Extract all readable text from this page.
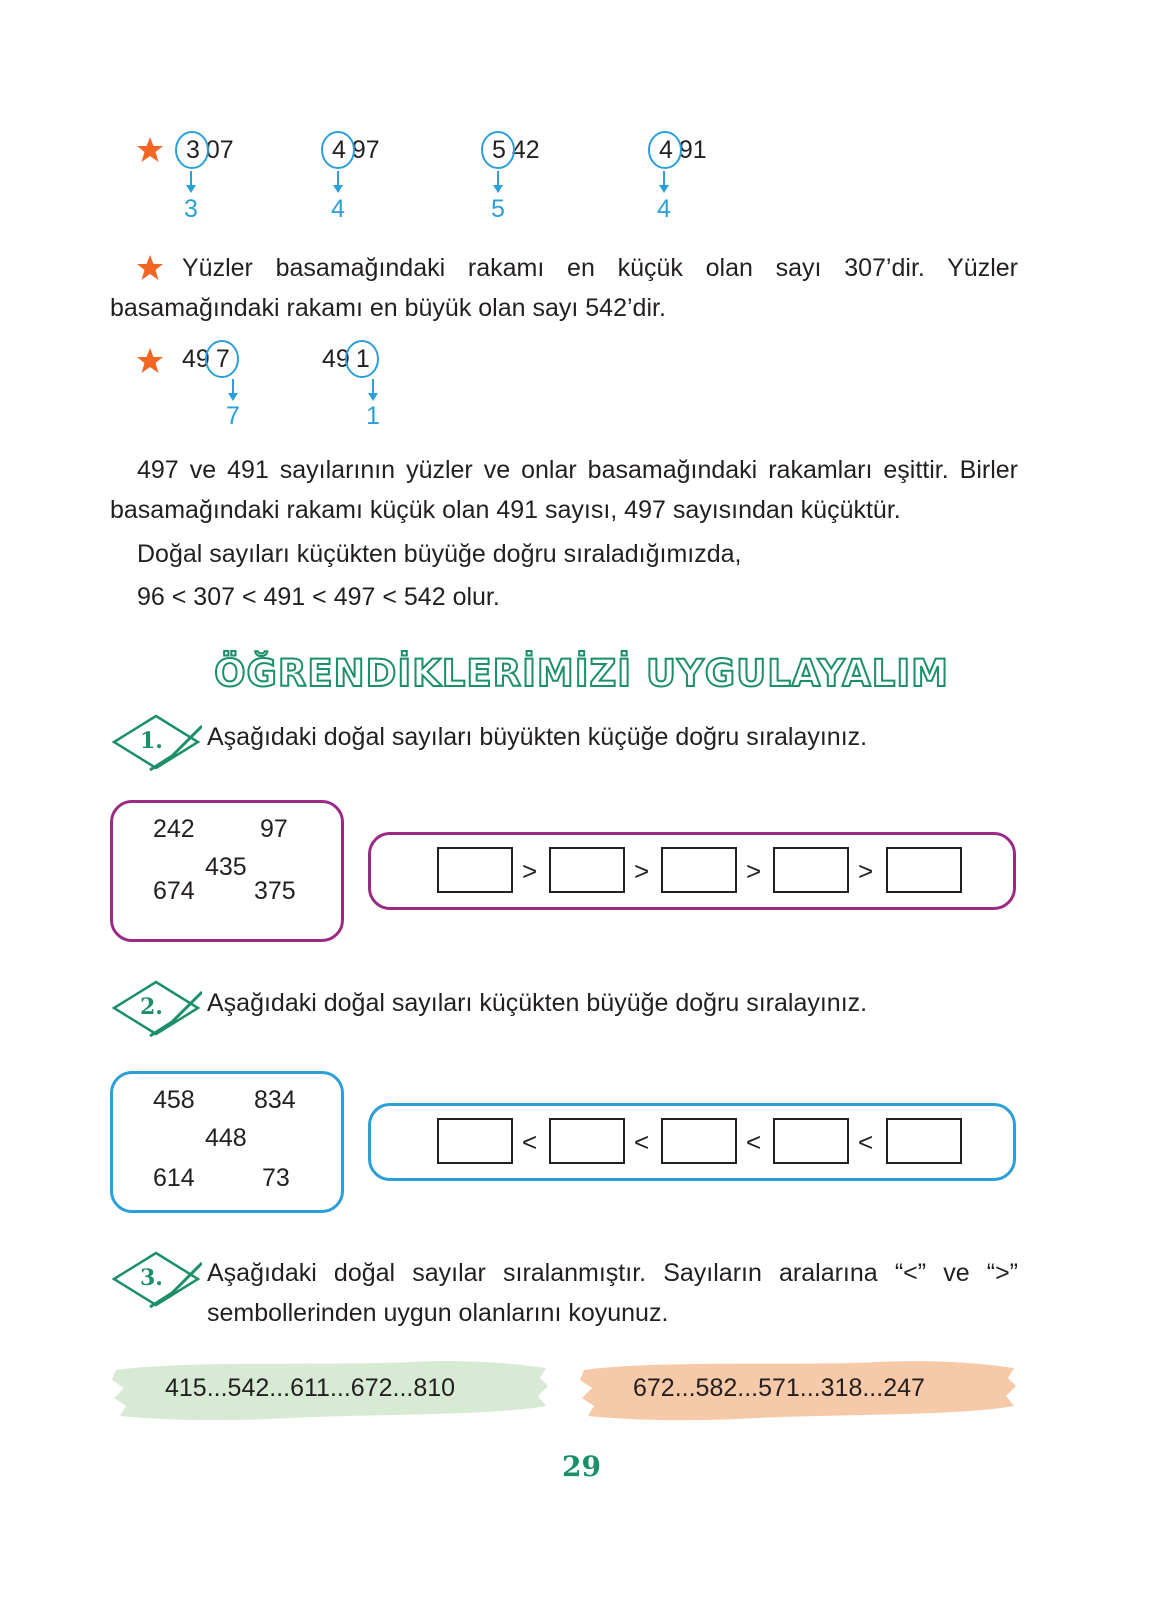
3 07	4 97	5 42	4 91
3	4	5	4
Yüzler basamağındaki rakamı en küçük olan sayı 307’dir. Yüzler basamağındaki rakamı en büyük olan sayı 542’dir.
49 7	49 1
7	1
497 ve 491 sayılarının yüzler ve onlar basamağındaki rakamları eşittir. Birler basamağındaki rakamı küçük olan 491 sayısı, 497 sayısından küçüktür.
Doğal sayıları küçükten büyüğe doğru sıraladığımızda,
96 < 307 < 491 < 497 < 542 olur.
ÖĞRENDİKLERİMİZİ UYGULAYALIM
1. Aşağıdaki doğal sayıları büyükten küçüğe doğru sıralayınız.
242	97
435
674 375
>	>	>	>
2. Aşağıdaki doğal sayıları küçükten büyüğe doğru sıralayınız.
458 834
448
614	73
<	<	<	<
3. Aşağıdaki doğal sayılar sıralanmıştır. Sayıların aralarına “<” ve “>” sembollerinden uygun olanlarını koyunuz.
415...542...611...672...810	672...582...571...318...247
29
